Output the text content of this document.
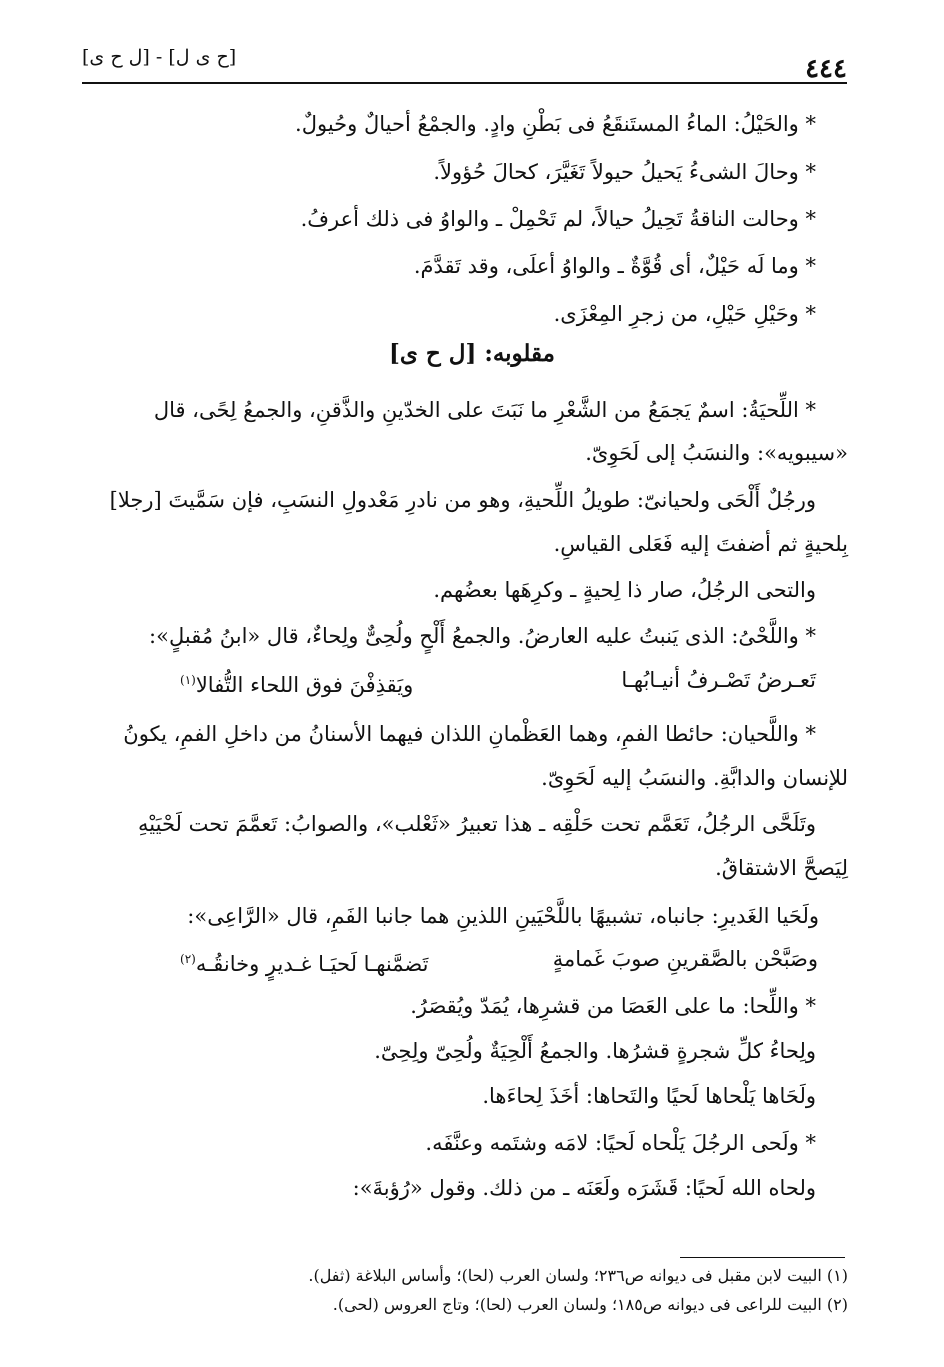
٤٤٤
[ح ى ل] - [ل ح ى]
* والحَيْلُ: الماءُ المستَنقَعُ فى بَطْنِ وادٍ. والجمْعُ أحيالٌ وحُيولٌ.
* وحالَ الشىءُ يَحيلُ حيولاً تَغَيَّرَ، كحالَ حُؤولاً.
* وحالت الناقةُ تَحِيلُ حيالاً، لم تَحْمِلْ ـ والواوُ فى ذلك أعرفُ.
* وما لَه حَيْلٌ، أى قُوَّةٌ ـ والواوُ أعلَى، وقد تَقدَّمَ.
* وحَيْلِ حَيْلِ، من زجرِ المِعْزَى.
مقلوبه: [ل ح ى]
* اللِّحيَةُ: اسمٌ يَجمَعُ من الشَّعْرِ ما نَبَتَ على الخدّينِ والذَّقنِ، والجمعُ لِحًى، قال
«سيبويه»: والنسَبُ إلى لَحَوِىّ.
ورجُلٌ أَلْحَى ولحيانىّ: طويلُ اللِّحيةِ، وهو من نادرِ مَعْدولِ النسَبِ، فإن سَمَّيتَ [رجلا]
بِلحيةٍ ثم أضفتَ إليه فَعَلى القياسِ.
والتحى الرجُلُ، صار ذا لِحيةٍ ـ وكرِهَها بعضُهم.
* واللَّحْىُ: الذى يَنبتُ عليه العارضُ. والجمعُ أَلْحٍ ولُحِىٌّ ولِحاءٌ، قال «ابنُ مُقبلٍ»:
تَعـرضُ تَصْـرفُ أنيـابُهـا
ويَقذِفْنَ فوق اللحاء التُّفالا$^{(١)}$
* واللَّحيان: حائطا الفمِ، وهما العَظْمانِ اللذان فيهما الأسنانُ من داخلِ الفمِ، يكونُ
للإنسان والدابَّةِ. والنسَبُ إليه لَحَوِىّ.
وتَلَحَّى الرجُلُ، تَعَمَّم تحت حَلْقِه ـ هذا تعبيرُ «ثَعْلب»، والصوابُ: تَعمَّمَ تحت لَحْيَيْهِ
لِيَصحَّ الاشتقاقُ.
ولَحَيا الغَديرِ: جانباه، تشبيهًا باللَّحْيَينِ اللذينِ هما جانبا الفَمِ، قال «الرَّاعِى»:
وصَبَّحْن بالصَّقرينِ صوبَ غَمامةٍ
تَضمَّنهـا لَحيَـا غـديرٍ وخانقُـه$^{(٢)}$
* واللِّحا: ما على العَصَا من قشرِها، يُمَدّ ويُقصَرُ.
ولِحاءُ كلِّ شجرةٍ قشرُها. والجمعُ أَلْحِيَةٌ ولُحِىّ ولِحِىّ.
ولَحَاها يَلْحاها لَحيًا والتَحاها: أخَذَ لِحاءَها.
* ولَحى الرجُلَ يَلْحاه لَحيًا: لامَه وشتَمه وعنَّفَه.
ولحاه الله لَحيًا: قَشَرَه ولَعَنَه ـ من ذلك. وقول «رُؤبةَ»:
(١) البيت لابن مقبل فى ديوانه ص٢٣٦؛ ولسان العرب (لحا)؛ وأساس البلاغة (ثفل).
(٢) البيت للراعى فى ديوانه ص١٨٥؛ ولسان العرب (لحا)؛ وتاج العروس (لحى).
